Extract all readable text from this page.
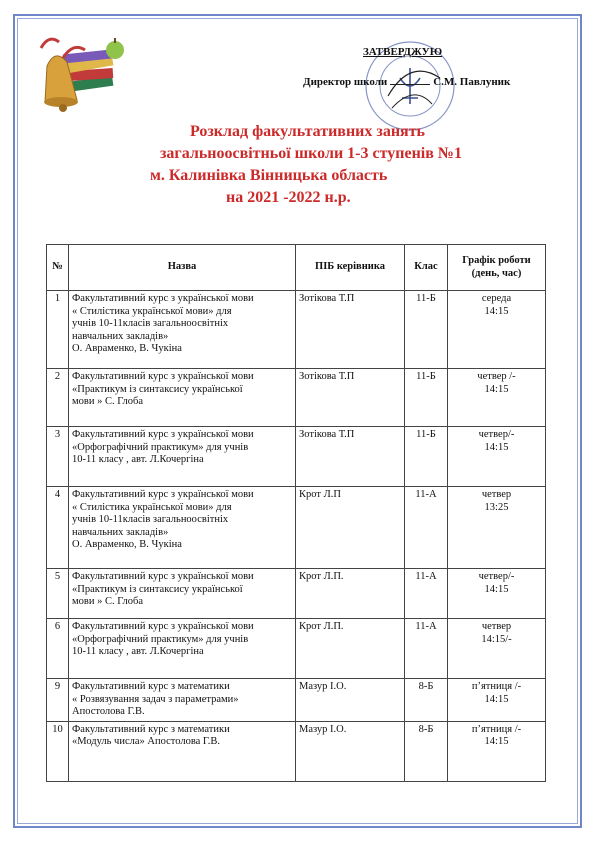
ЗАТВЕРДЖУЮ
Директор школи	С.М. Павлуник
Розклад факультативних занять
загальноосвітньої школи 1-3 ступенів №1
м. Калинівка Вінницька область
на 2021 -2022 н.р.
№	Назва	ПІБ керівника	Клас	Графік роботи (день, час)
1	Факультативний курс з української мови
« Стилістика української мови» для
учнів 10-11класів загальноосвітніх
навчальних закладів»
О. Авраменко, В. Чукіна	Зотікова Т.П	11-Б	середа
14:15
2	Факультативний курс з української мови
«Практикум із синтаксису української
мови » С. Глоба	Зотікова Т.П	11-Б	четвер /-
14:15
3	Факультативний курс з української мови
«Орфографічний практикум» для учнів
10-11 класу , авт. Л.Кочергіна	Зотікова Т.П	11-Б	четвер/-
14:15
4	Факультативний курс з української мови
« Стилістика української мови» для
учнів 10-11класів загальноосвітніх
навчальних закладів»
О. Авраменко, В. Чукіна	Крот Л.П	11-А	четвер
13:25
5	Факультативний курс з української мови
«Практикум із синтаксису української
мови » С. Глоба	Крот Л.П.	11-А	четвер/-
14:15
6	Факультативний курс з української мови
«Орфографічний практикум» для учнів
10-11 класу , авт. Л.Кочергіна	Крот Л.П.	11-А	четвер
14:15/-
9	Факультативний курс з математики
« Розвязування задач з параметрами»
Апостолова Г.В.	Мазур І.О.	8-Б	п’ятниця /-
14:15
10	Факультативний курс з математики
«Модуль числа» Апостолова Г.В.	Мазур І.О.	8-Б	п’ятниця /-
14:15
